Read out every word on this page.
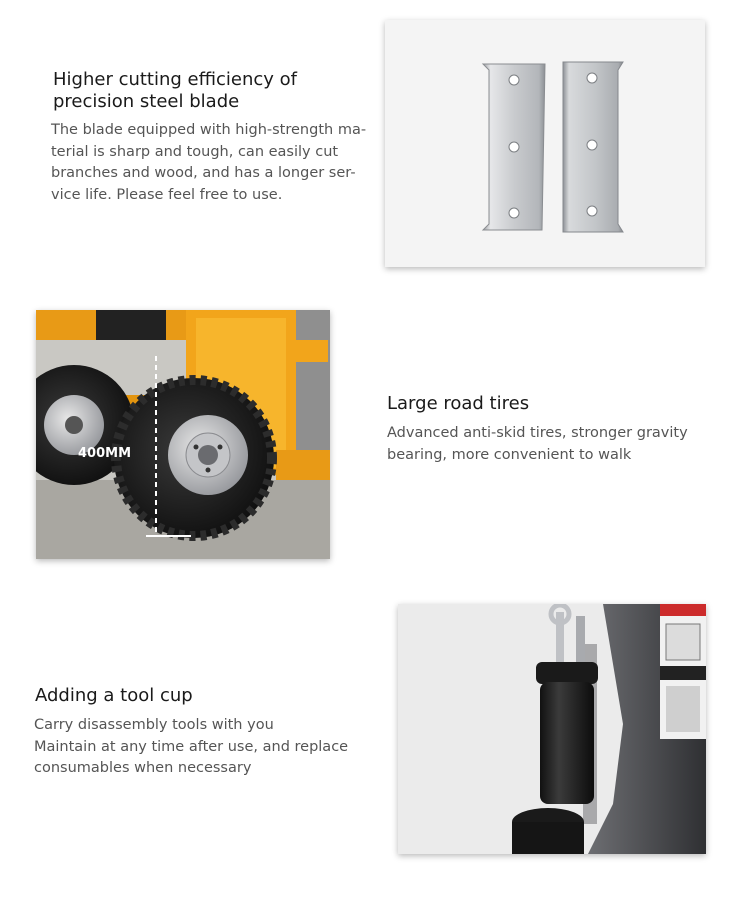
Higher cutting efficiency of
precision steel blade
The blade equipped with high-strength ma-
terial is sharp and tough, can easily cut
branches and wood, and has a longer ser-
vice life. Please feel free to use.
400MM
Large road tires
Advanced anti-skid tires, stronger gravity
bearing, more convenient to walk
Adding a tool cup
Carry disassembly tools with you
Maintain at any time after use, and replace
consumables when necessary
